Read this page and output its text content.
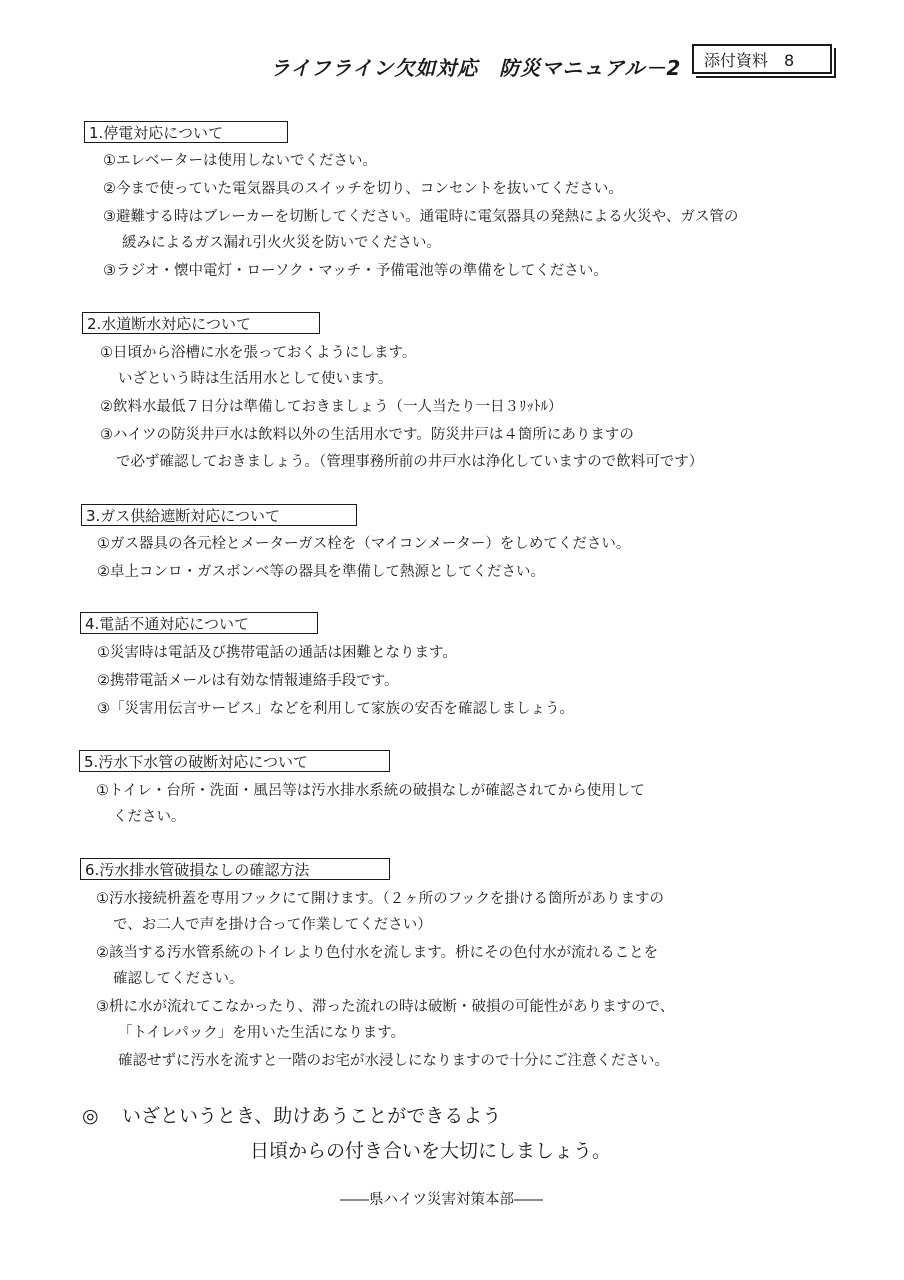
ライフライン欠如対応　防災マニュアル－2	添付資料　8
1.停電対応について
①エレベーターは使用しないでください。
②今まで使っていた電気器具のスイッチを切り、コンセントを抜いてください。
③避難する時はブレーカーを切断してください。通電時に電気器具の発熱による火災や、ガス管の
緩みによるガス漏れ引火火災を防いでください。
③ラジオ・懐中電灯・ローソク・マッチ・予備電池等の準備をしてください。
2.水道断水対応について
①日頃から浴槽に水を張っておくようにします。
いざという時は生活用水として使います。
②飲料水最低７日分は準備しておきましょう（一人当たり一日３ﾘｯﾄﾙ）
③ハイツの防災井戸水は飲料以外の生活用水です。防災井戸は４箇所にありますの
で必ず確認しておきましょう。（管理事務所前の井戸水は浄化していますので飲料可です）
3.ガス供給遮断対応について
①ガス器具の各元栓とメーターガス栓を（マイコンメーター）をしめてください。
②卓上コンロ・ガスボンベ等の器具を準備して熱源としてください。
4.電話不通対応について
①災害時は電話及び携帯電話の通話は困難となります。
②携帯電話メールは有効な情報連絡手段です。
③「災害用伝言サービス」などを利用して家族の安否を確認しましょう。
5.汚水下水管の破断対応について
①トイレ・台所・洗面・風呂等は汚水排水系統の破損なしが確認されてから使用して
ください。
6.汚水排水管破損なしの確認方法
①汚水接続枡蓋を専用フックにて開けます。（２ヶ所のフックを掛ける箇所がありますの
で、お二人で声を掛け合って作業してください）
②該当する汚水管系統のトイレより色付水を流します。枡にその色付水が流れることを
確認してください。
③枡に水が流れてこなかったり、滞った流れの時は破断・破損の可能性がありますので、
「トイレパック」を用いた生活になります。
確認せずに汚水を流すと一階のお宅が水浸しになりますので十分にご注意ください。
◎ いざというとき、助けあうことができるよう
日頃からの付き合いを大切にしましょう。
――県ハイツ災害対策本部――
